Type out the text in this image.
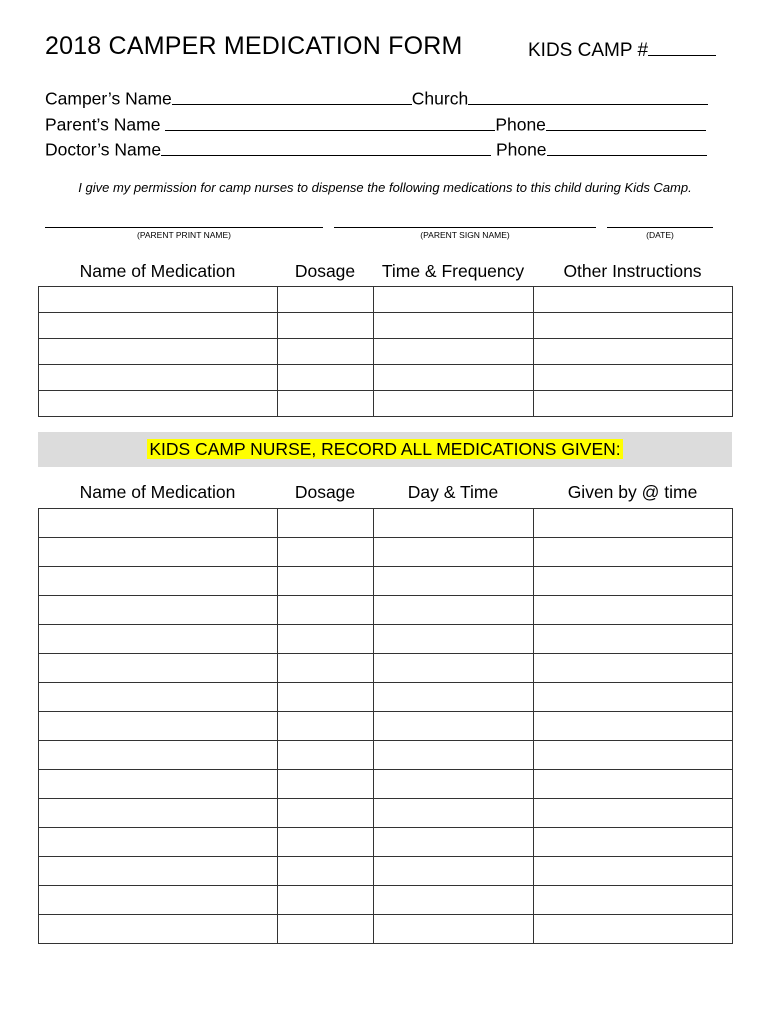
2018 CAMPER MEDICATION FORM	KIDS CAMP #
Camper’s Name	Church
Parent’s Name	Phone
Doctor’s Name	Phone
I give my permission for camp nurses to dispense the following medications to this child during Kids Camp.
(PARENT PRINT NAME)	(PARENT SIGN NAME)	(DATE)
Name of Medication	Dosage	Time & Frequency	Other Instructions

KIDS CAMP NURSE, RECORD ALL MEDICATIONS GIVEN:
Name of Medication	Dosage	Day & Time	Given by @ time
